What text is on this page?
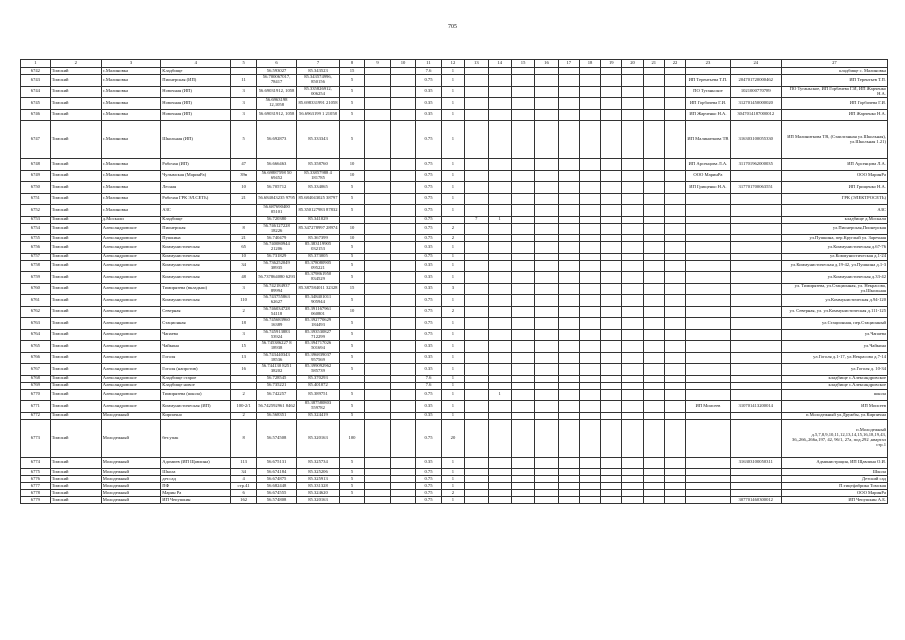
705
1	2	3	4	5	6	7	8	9	10	11	12	13	14	15	16	17	18	19	20	21	22	23	24	27
6742	Томский	с.Малиновка	Кладбище		56.593027	85.343523	15			7.6	1													кладбище с. Малиновка
6743	Томский	с.Малиновка	Пионерская (ИП)	11	56.700067017, 78417	85.343574996, 850156	5			0.75	1											ИП Терентьева Т.П.	204701720000462	ИП Терентьев Т.П.
6744	Томский	с.Малиновка	Новочная (ИП)	3	56.69031912, 1058	85.335826912, 006254	5			0.35	1											ПО Туганьское	1021000770789	ПО Туганьское, ИП Горбачева Г.И, ИП Жарченко Н.А.
6745	Томский	с.Малиновка	Новочная (ИП)	3	56.6963198 12,1058	85.698331991 21058	5			0.35	1											ИП Горбачева Г.И.	312701450000020	ИП Горбачева Г.И.
6746	Томский	с.Малиновка	Новочная (ИП)	3	56.69031912, 1058	56.6963199 1 21058	5			0.35	1											ИП Жарченко Н.А.	3047014187000012	ИП Жарченко Н.А.
6747	Томский	с.Малиновка	Школьная (ИП)	5	56.692873	85.333343	5			0.75	1											ИП Малиниткова ТВ	316303100055330	ИП Малиниткова ТВ, (Сзаилганная ул.Школьная), ул.Школьная 1.21)
6748	Томский	с.Малиновка	Рабочая (ИП)	47	56.666463	85.358760	10			0.75	1											ИП Арсенцова Л.А.	311701962000035	ИП Арсенцова Л.А.
6749	Томский	с.Малиновка	Чулымская (МаринРа)	39в	56.69887598 50 69452	85.33857988 4 181785	10			0.75	1											ООО МаринРа		ООО МаринРа
6750	Томский	с.Малиновка	Лесная	10	56.705712	85.334065	5			0.75	1											ИП Грищенко Н.А.	317701700063551	ИП Грищенко Н.А.
6751	Томский	с.Малиновка	Рабочая ГРК ЭЛ.СЕТЬ)	21	56.684043235 9795	85.684043025 38797	5			0.75	1													ГРК (ЭЛЕКТРОСЕТЬ)
6752	Томский	с.Малиновка	АЗС		56.687690400 05101	85.350127983 87832	5			0.75	1													АЗС
6753	Томский	д.Москали	Кладбище		56.720380	85.341029				0.75		7	1											кладбище д.Москали
6754	Томский	Александровское	Пионерская	8	56.746127228 18226	85.347278997 28974	10			0.75	2													ул.Пионерская,Пионерская
6755	Томский	Александровское	Пушкина	21	56.740479	85.367399	10			0.75	2													ул.Пушкина, пер.Круглый ул. Заречная
6756	Томский	Александровское	Коммунистическая	65	56.740080944 21206	85.383119905 032153	5			0.35	1													ул.Коммунистическая д.67-76
6757	Томский	Александровское	Коммунистическая	10	56.731829	85.373005	5			0.75	1													ул.Коммунистическая д.1-24
6758	Томский	Александровское	Коммунистическая	34	56.736252049 38935	85.378080905 095221	5			0.35	1													ул.Коммунистическая д.19-42, ул.Пушкина д.1-3
6759	Томский	Александровское	Коммунистическая	48	56.737864080 6293	85.379861950 834529	5			0.35	1													ул.Коммунистическая д.33-42
6760	Томский	Александровское	Тимирязева (вкладыш)	3	56.742184937 89994	85.387584011 32328	15			0.35	3													ул. Тимирязева, ул.Стационная, ул. Некрасова, ул.Школьная
6761	Томский	Александровское	Коммунистическая	110	56.743755863 62627	85.348401011 905944	5			0.75	1													ул.Коммунистическая д.94-120
6762	Томский	Александровское	Северная	2	56.746034728 54118	85.391167961 060801	10			0.75	2													ул. Северная, ул. ул.Коммунистическая д.111-125
6763	Томский	Александровское	Стационная	18	56.745683960 16389	85.392770629 184493	5			0.75	1													ул.Стационная, пер.Стационный
6764	Томский	Александровское	Чапаева	3	56.745913883 53924	85.393530827 712299	5			0.75	1													ул.Чапаева
6765	Томский	Александровское	Чайкина	15	56.745386227 8 18938	85.394717026 501694	5			0.35	1													ул.Чайкина
6766	Томский	Александровское	Гоголя	13	56.743440343 18536	85.396839037 957569	5			0.35	1													ул.Гоголя д.1-17, ул.Некрасова д.7-14
6767	Томский	Александровское	Гоголя (напротив)	16	56.744130 8251 38202	85.399092962 585739	5			0.35	1													ул.Гоголя д. 10-34
6768	Томский	Александровское	Кладбище старое		56.728545	85.370293				7.6	1													кладбище с.Александровское
6769	Томский	Александровское	Кладбище новое		56.735221	85.401072				7.6	1													кладбище с.Александровское
6770	Томский	Александровское	Тимирязева (школа)	2	56.742257	85.389751	5			0.75	1		1											школа
6771	Томский	Александровское	Коммунистическая (ИП)	100-2/1	56.742592961 8462	85.387580803 559782	5			0.35	1											ИП Моисеев	310701413200014	ИП Моисеев
6772	Томский	Молодежный	Кирпично	2	56.568351	85.324419	5			0.35	1													п.Молодежный ул.Дружбы, ул.Кирпична
6773	Томский	Молодежный	бет.упак	8	56.574508	85.320163	100			0.75	20													п.Молодежный д.5,7,8,9,10,11,12,13,14,15,16,18,19,43, 36,,266,,266а,197, 42, 96/1, 27а, под.292 ,квартал стр.1
6774	Томский	Молодежный	Адомиев (ИП Щавлина)	113	56.675131	85.325734	5			0.35	1												316303100050311	Администрация, ИП Щавлина О.И.
6775	Томский	Молодежный	Школа	34	56.674184	85.325206	5			0.75	1													Школа
6776	Томский	Молодежный	дет.сад	4	56.674875	85.325913	5			0.75	1													Детский сад
6777	Томский	Молодежный	ПФ	стр.41	56.682448	85.331328	5			0.75	1													П.тицефабрика Томская
6778	Томский	Молодежный	Марин Ра	6	56.674555	85.324620	5			0.75	2													ООО МаринРа
6779	Томский	Молодежный	ИП Чепушкин	162	56.574808	85.320163				0.75	1												307701460300012	ИП Чепушкин А.Б.
